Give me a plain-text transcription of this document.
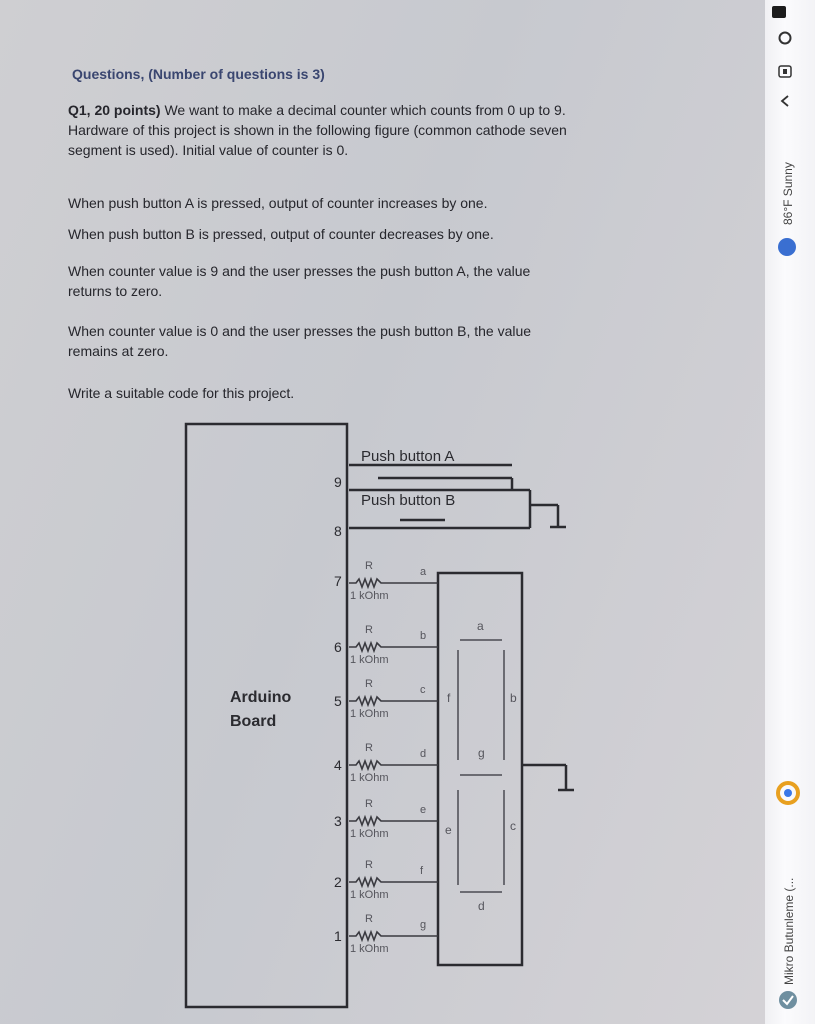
Questions, (Number of questions is 3)
Q1, 20 points) We want to make a decimal counter which counts from 0 up to 9.
Hardware of this project is shown in the following figure (common cathode seven
segment is used). Initial value of counter is 0.
When push button A is pressed, output of counter increases by one.
When push button B is pressed, output of counter decreases by one.
When counter value is 9 and the user presses the push button A, the value
returns to zero.
When counter value is 0 and the user presses the push button B, the value
remains at zero.
Write a suitable code for this project.
R
1 kOhm
a
R
1 kOhm
b
R
1 kOhm
c
R
1 kOhm
d
R
1 kOhm
e
R
1 kOhm
f
R
1 kOhm
g
Push button A
Push button B
Arduino
Board
9
8
7
6
5
4
3
2
1
a
f	b
g
e	c
d
86°F Sunny
Mikro Butunleme (...
